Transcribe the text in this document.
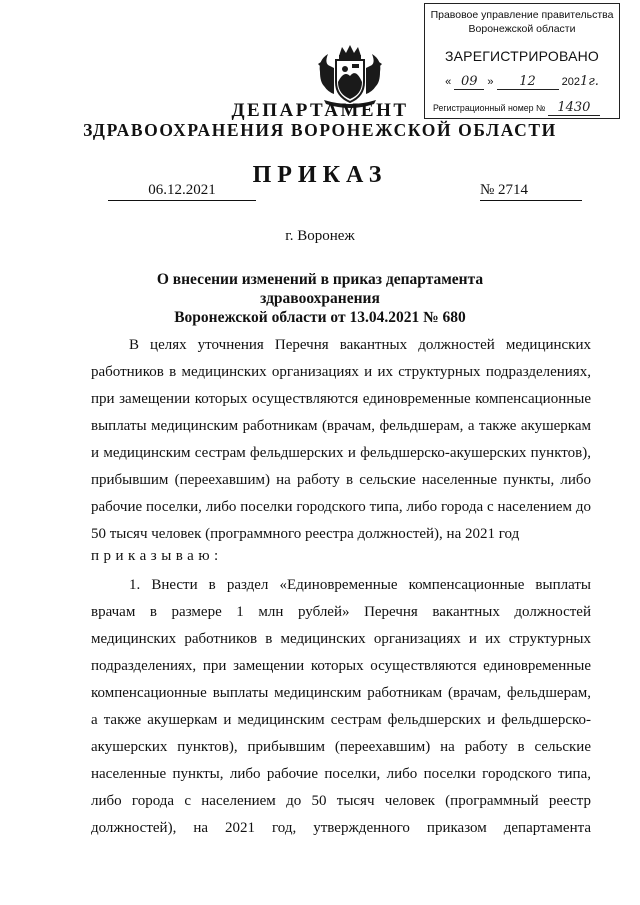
Правовое управление правительства
Воронежской области
ЗАРЕГИСТРИРОВАНО
« 09 » 12 2021г.
Регистрационный номер № 1430
ДЕПАРТАМЕНТ
ЗДРАВООХРАНЕНИЯ ВОРОНЕЖСКОЙ ОБЛАСТИ
ПРИКАЗ
06.12.2021	№ 2714
г. Воронеж
О внесении изменений в приказ департамента здравоохранения
Воронежской области от 13.04.2021 № 680
В целях уточнения Перечня вакантных должностей медицинских
работников в медицинских организациях и их структурных подразделениях,
при замещении которых осуществляются единовременные компенсационные
выплаты медицинским работникам (врачам, фельдшерам, а также акушеркам
и медицинским сестрам фельдшерских и фельдшерско-акушерских пунктов),
прибывшим (переехавшим) на работу в сельские населенные пункты, либо
рабочие поселки, либо поселки городского типа, либо города с населением до
50 тысяч человек (программного реестра должностей), на 2021 год
приказываю:
1. Внести в раздел «Единовременные компенсационные выплаты
врачам в размере 1 млн рублей» Перечня вакантных должностей
медицинских работников в медицинских организациях и их структурных
подразделениях, при замещении которых осуществляются единовременные
компенсационные выплаты медицинским работникам (врачам, фельдшерам,
а также акушеркам и медицинским сестрам фельдшерских и фельдшерско-
акушерских пунктов), прибывшим (переехавшим) на работу в сельские
населенные пункты, либо рабочие поселки, либо поселки городского типа,
либо города с населением до 50 тысяч человек (программный реестр
должностей), на 2021 год, утвержденного приказом департамента
